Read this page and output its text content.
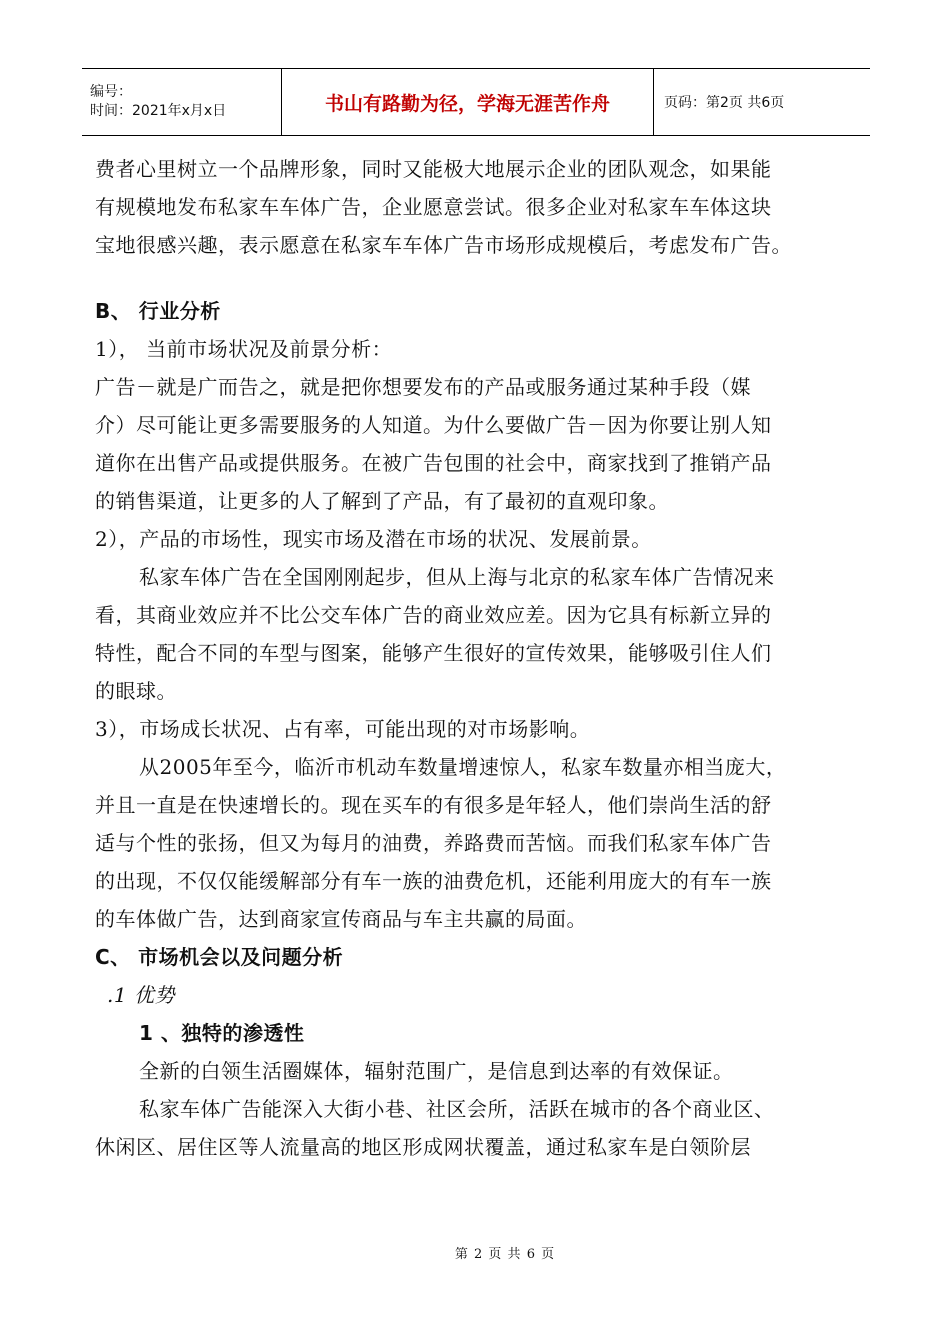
编号：
时间：2021年x月x日	书山有路勤为径，学海无涯苦作舟	页码：第2页 共6页
费者心里树立一个品牌形象，同时又能极大地展示企业的团队观念，如果能
有规模地发布私家车车体广告，企业愿意尝试。很多企业对私家车车体这块
宝地很感兴趣，表示愿意在私家车车体广告市场形成规模后，考虑发布广告。
B、 行业分析
1）， 当前市场状况及前景分析：
广告－就是广而告之，就是把你想要发布的产品或服务通过某种手段（媒
介）尽可能让更多需要服务的人知道。为什么要做广告－因为你要让别人知
道你在出售产品或提供服务。在被广告包围的社会中，商家找到了推销产品
的销售渠道，让更多的人了解到了产品，有了最初的直观印象。
2），产品的市场性，现实市场及潜在市场的状况、发展前景。
私家车体广告在全国刚刚起步，但从上海与北京的私家车体广告情况来
看，其商业效应并不比公交车体广告的商业效应差。因为它具有标新立异的
特性，配合不同的车型与图案，能够产生很好的宣传效果，能够吸引住人们
的眼球。
3），市场成长状况、占有率，可能出现的对市场影响。
从2005年至今，临沂市机动车数量增速惊人，私家车数量亦相当庞大，
并且一直是在快速增长的。现在买车的有很多是年轻人，他们崇尚生活的舒
适与个性的张扬，但又为每月的油费，养路费而苦恼。而我们私家车体广告
的出现，不仅仅能缓解部分有车一族的油费危机，还能利用庞大的有车一族
的车体做广告，达到商家宣传商品与车主共赢的局面。
C、 市场机会以及问题分析
.1 优势
1 、独特的渗透性
全新的白领生活圈媒体，辐射范围广，是信息到达率的有效保证。
私家车体广告能深入大街小巷、社区会所，活跃在城市的各个商业区、
休闲区、居住区等人流量高的地区形成网状覆盖，通过私家车是白领阶层
第 2 页 共 6 页
